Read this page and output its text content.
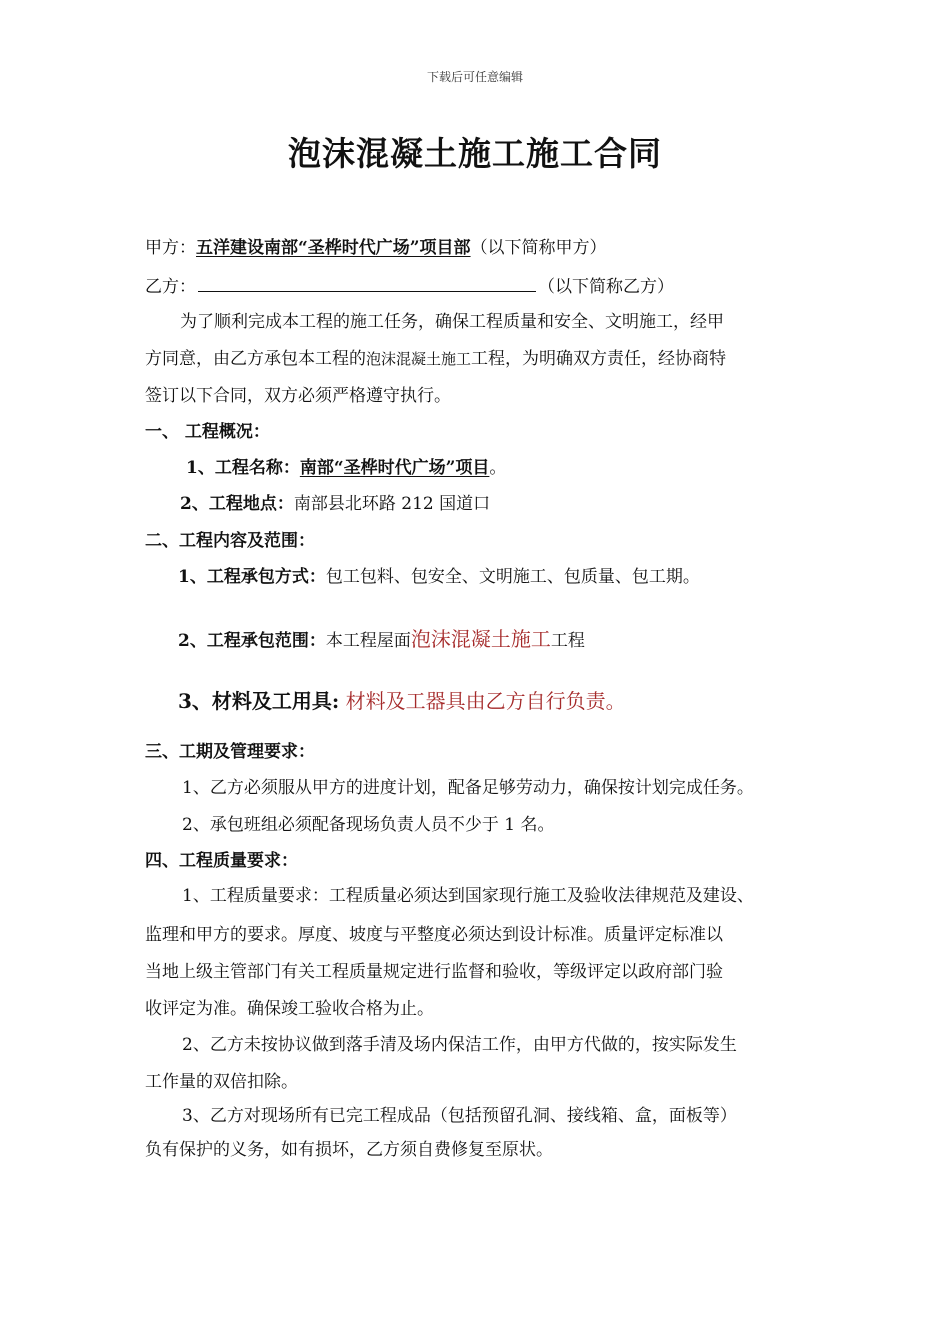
下载后可任意编辑
泡沫混凝土施工施工合同
甲方：五洋建设南部“圣桦时代广场”项目部（以下简称甲方）
乙方：	（以下简称乙方）
为了顺利完成本工程的施工任务，确保工程质量和安全、文明施工，经甲
方同意，由乙方承包本工程的泡沫混凝土施工工程，为明确双方责任，经协商特
签订以下合同，双方必须严格遵守执行。
一、 工程概况：
1、工程名称：南部“圣桦时代广场”项目。
2、工程地点：南部县北环路 212 国道口
二、工程内容及范围：
1、工程承包方式：包工包料、包安全、文明施工、包质量、包工期。
2、工程承包范围：本工程屋面泡沫混凝土施工工程
3、材料及工用具: 材料及工器具由乙方自行负责。
三、工期及管理要求：
1、乙方必须服从甲方的进度计划，配备足够劳动力，确保按计划完成任务。
2、承包班组必须配备现场负责人员不少于 1 名。
四、工程质量要求：
1、工程质量要求：工程质量必须达到国家现行施工及验收法律规范及建设、
监理和甲方的要求。厚度、坡度与平整度必须达到设计标准。质量评定标准以
当地上级主管部门有关工程质量规定进行监督和验收，等级评定以政府部门验
收评定为准。确保竣工验收合格为止。
2、乙方未按协议做到落手清及场内保洁工作，由甲方代做的，按实际发生
工作量的双倍扣除。
3、乙方对现场所有已完工程成品（包括预留孔洞、接线箱、盒，面板等）
负有保护的义务，如有损坏，乙方须自费修复至原状。
